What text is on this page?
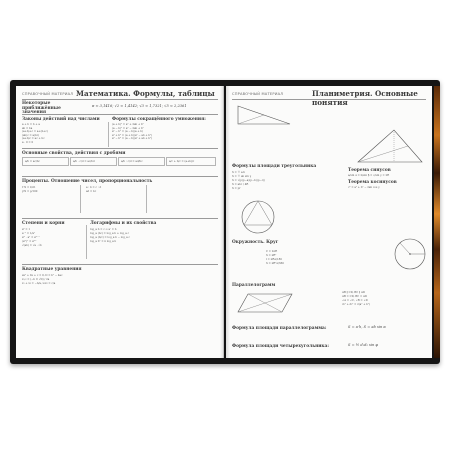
СПРАВОЧНЫЙ МАТЕРИАЛ Математика. Формулы, таблицы
Некоторые приближённые значения
π ≈ 3,1416; √2 ≈ 1,4142; √3 ≈ 1,7321; √5 ≈ 2,2361
Законы действий над числами	Формулы сокращённого умножения:
a + b = b + a
ab = ba
(a+b)+c = a+(b+c)
(ab)c = a(bc)
(a+b)c = ac + bc
a · 0 = 0
(a + b)² = a² + 2ab + b²
(a − b)² = a² − 2ab + b²
a² − b² = (a − b)(a + b)
a³ + b³ = (a + b)(a² − ab + b²)
a³ − b³ = (a − b)(a² + ab + b²)
Основные свойства, действия с дробями
a/b = ac/bc	a/b · c/d = ac/bd	a/b : c/d = ad/bc	a/c + b/c = (a+b)/c
Проценты. Отношение чисел, пропорциональность
1% = 0,01
p% = p/100
a : b = c : d
ad = bc
Степени и корни	Логарифмы и их свойства
a⁰ = 1
a⁻ⁿ = 1/aⁿ
aᵐ · aⁿ = aᵐ⁺ⁿ
(aᵐ)ⁿ = aᵐⁿ
√(ab) = √a · √b
log_a b = c ⇔ aᶜ = b
log_a (bc) = log_a b + log_a c
log_a (b/c) = log_a b − log_a c
log_a bⁿ = n log_a b
Квадратные уравнения
ax² + bx + c = 0, D = b² − 4ac
x₁,₂ = (−b ± √D) / 2a
x₁ + x₂ = −b/a, x₁x₂ = c/a
СПРАВОЧНЫЙ МАТЕРИАЛ	Планиметрия. Основные понятия
Формулы площади треугольника
S = ½ a·h
S = ½ ab sin γ
S = √(p(p−a)(p−b)(p−c))
S = abc / 4R
S = pr
Теорема синусов
a/sin α = b/sin β = c/sin γ = 2R
Теорема косинусов
c² = a² + b² − 2ab cos γ
Окружность. Круг
C = 2πR
S = πR²
l = πRα/180
S = πR²α/360
Параллелограмм
AB ∥ CD, BC ∥ AD
AB = CD, BC = AD
∠A = ∠C, ∠B = ∠D
d₁² + d₂² = 2(a² + b²)
Формула площади параллелограмма:	S = a·h, S = ab sin α
Формула площади четырехугольника:	S = ½ d₁d₂ sin φ
